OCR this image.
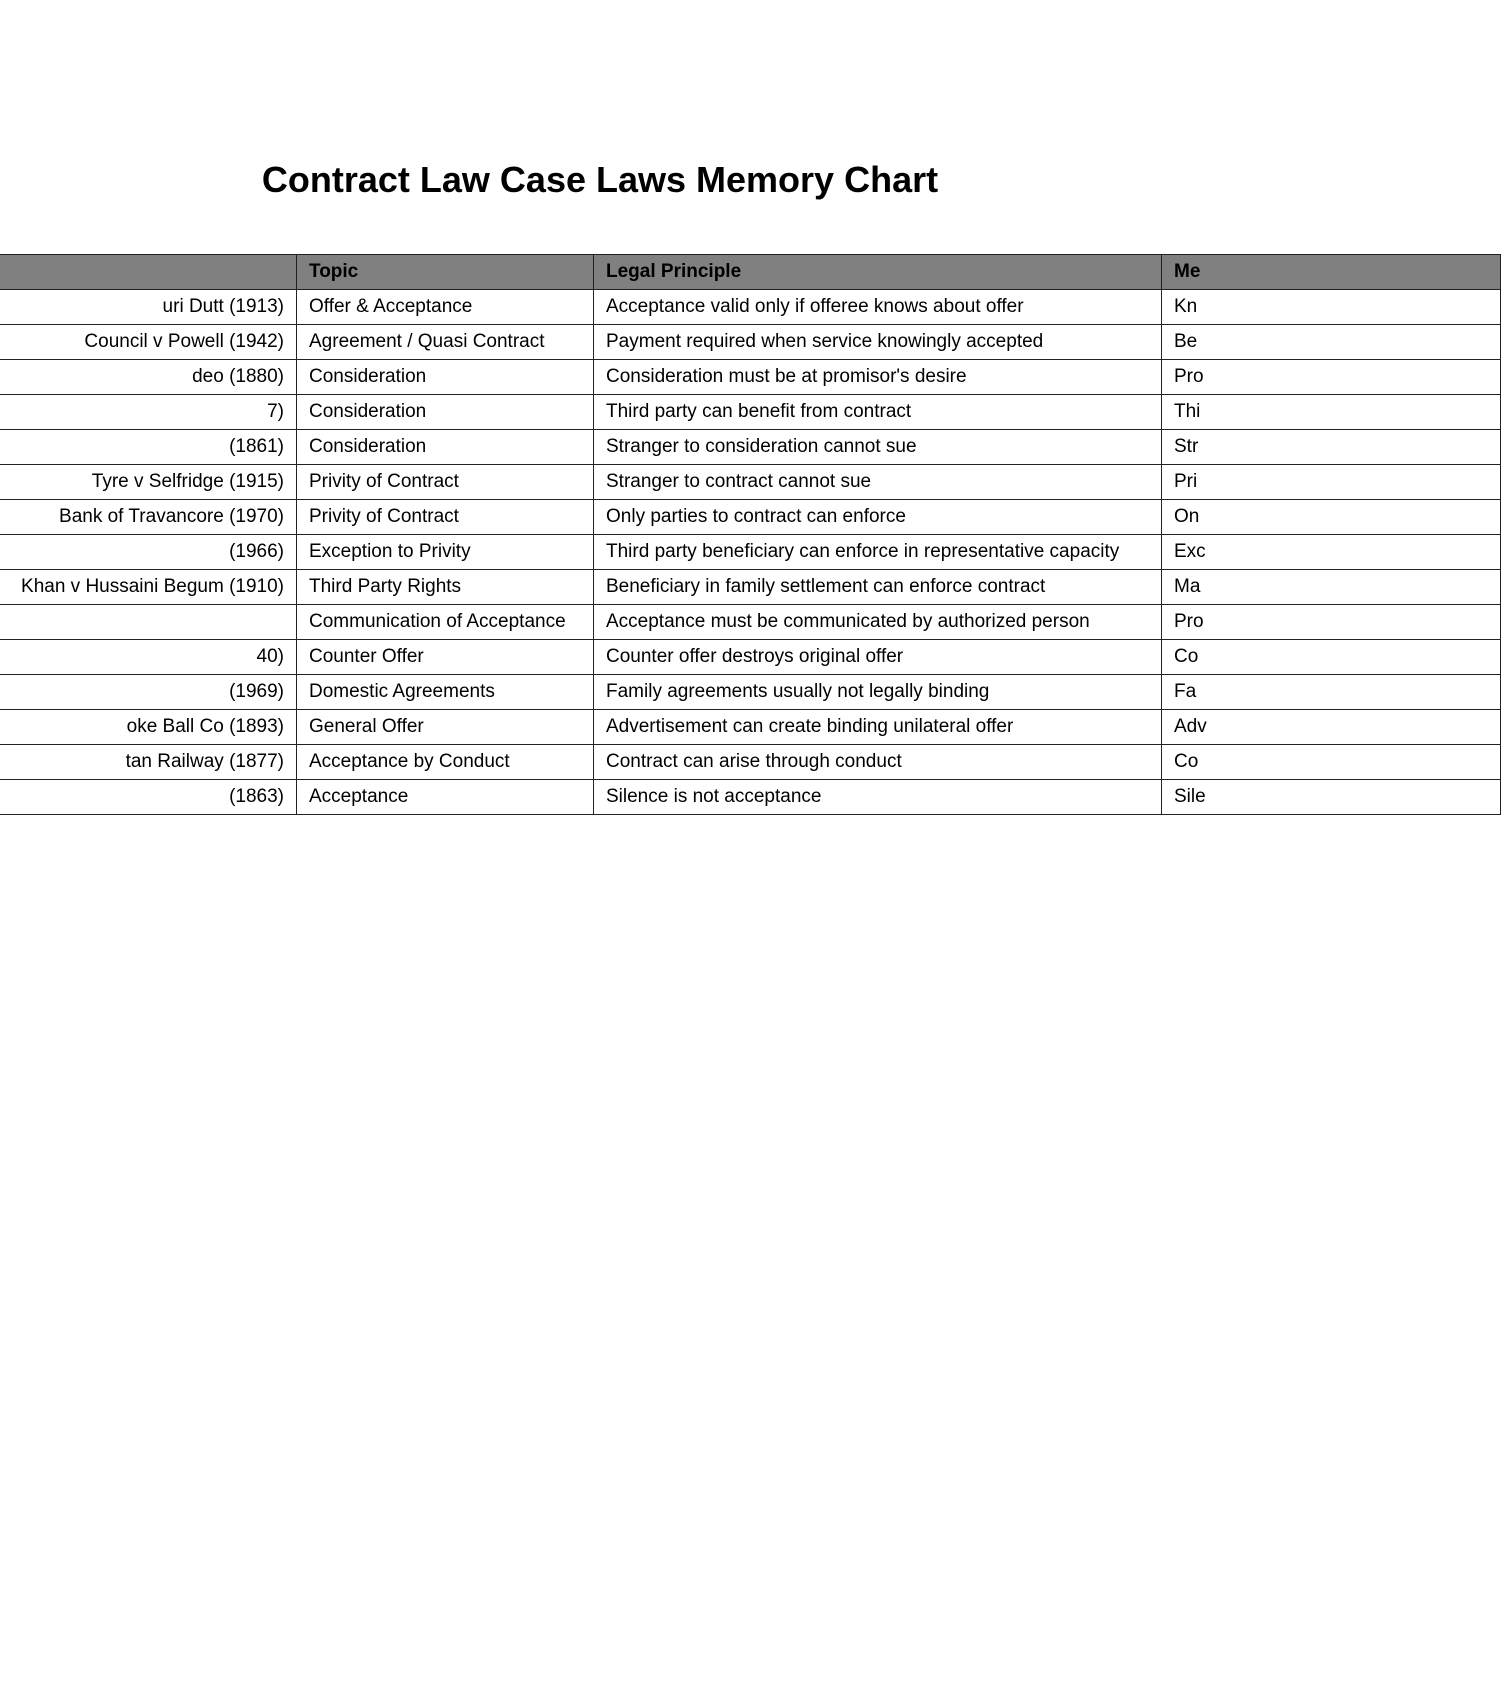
Contract Law Case Laws Memory Chart
	Topic	Legal Principle	Me
uri Dutt (1913)	Offer & Acceptance	Acceptance valid only if offeree knows about offer	Kn
Council v Powell (1942)	Agreement / Quasi Contract	Payment required when service knowingly accepted	Be
deo (1880)	Consideration	Consideration must be at promisor's desire	Pro
7)	Consideration	Third party can benefit from contract	Thi
(1861)	Consideration	Stranger to consideration cannot sue	Str
Tyre v Selfridge (1915)	Privity of Contract	Stranger to contract cannot sue	Pri
Bank of Travancore (1970)	Privity of Contract	Only parties to contract can enforce	On
(1966)	Exception to Privity	Third party beneficiary can enforce in representative capacity	Exc
Khan v Hussaini Begum (1910)	Third Party Rights	Beneficiary in family settlement can enforce contract	Ma
	Communication of Acceptance	Acceptance must be communicated by authorized person	Pro
40)	Counter Offer	Counter offer destroys original offer	Co
(1969)	Domestic Agreements	Family agreements usually not legally binding	Fa
oke Ball Co (1893)	General Offer	Advertisement can create binding unilateral offer	Adv
tan Railway (1877)	Acceptance by Conduct	Contract can arise through conduct	Co
(1863)	Acceptance	Silence is not acceptance	Sile
